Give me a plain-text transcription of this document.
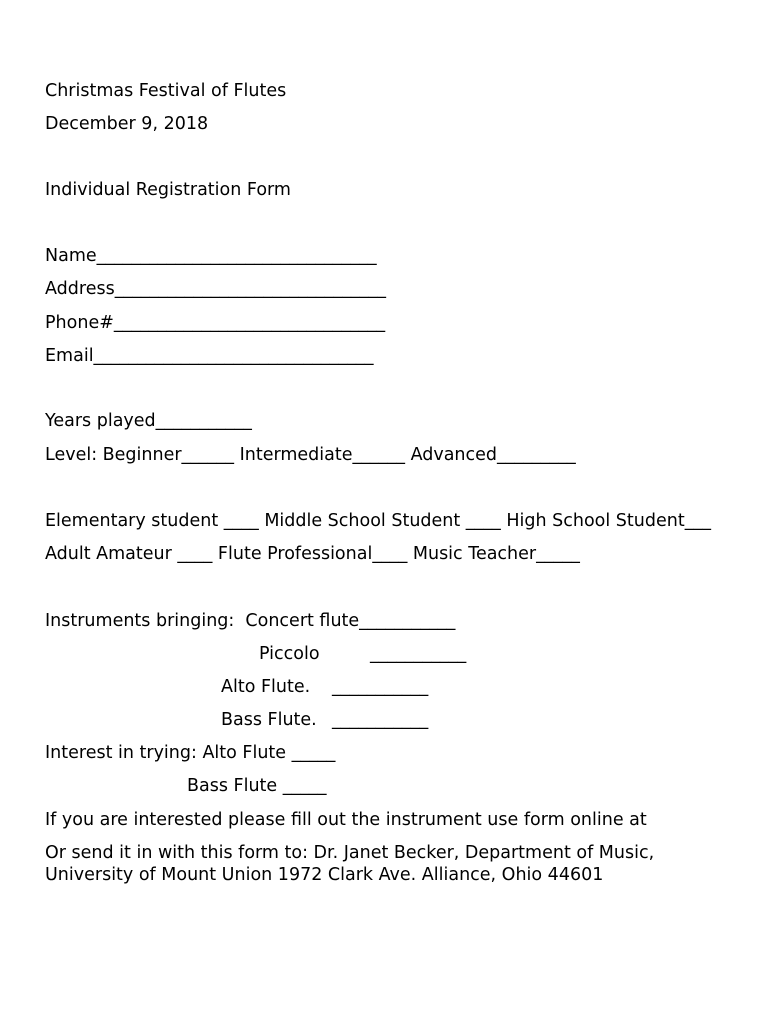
Christmas Festival of Flutes
December 9, 2018
Individual Registration Form
Name________________________________
Address_______________________________
Phone#_______________________________
Email________________________________
Years played___________
Level: Beginner______ Intermediate______ Advanced_________
Elementary student ____ Middle School Student ____ High School Student___
Adult Amateur ____ Flute Professional____ Music Teacher_____
Instruments bringing:  Concert flute___________
Piccolo	___________
Alto Flute. ___________
Bass Flute. ___________
Interest in trying: Alto Flute _____
Bass Flute _____
If you are interested please fill out the instrument use form online at
Or send it in with this form to: Dr. Janet Becker, Department of Music,
University of Mount Union 1972 Clark Ave. Alliance, Ohio 44601
